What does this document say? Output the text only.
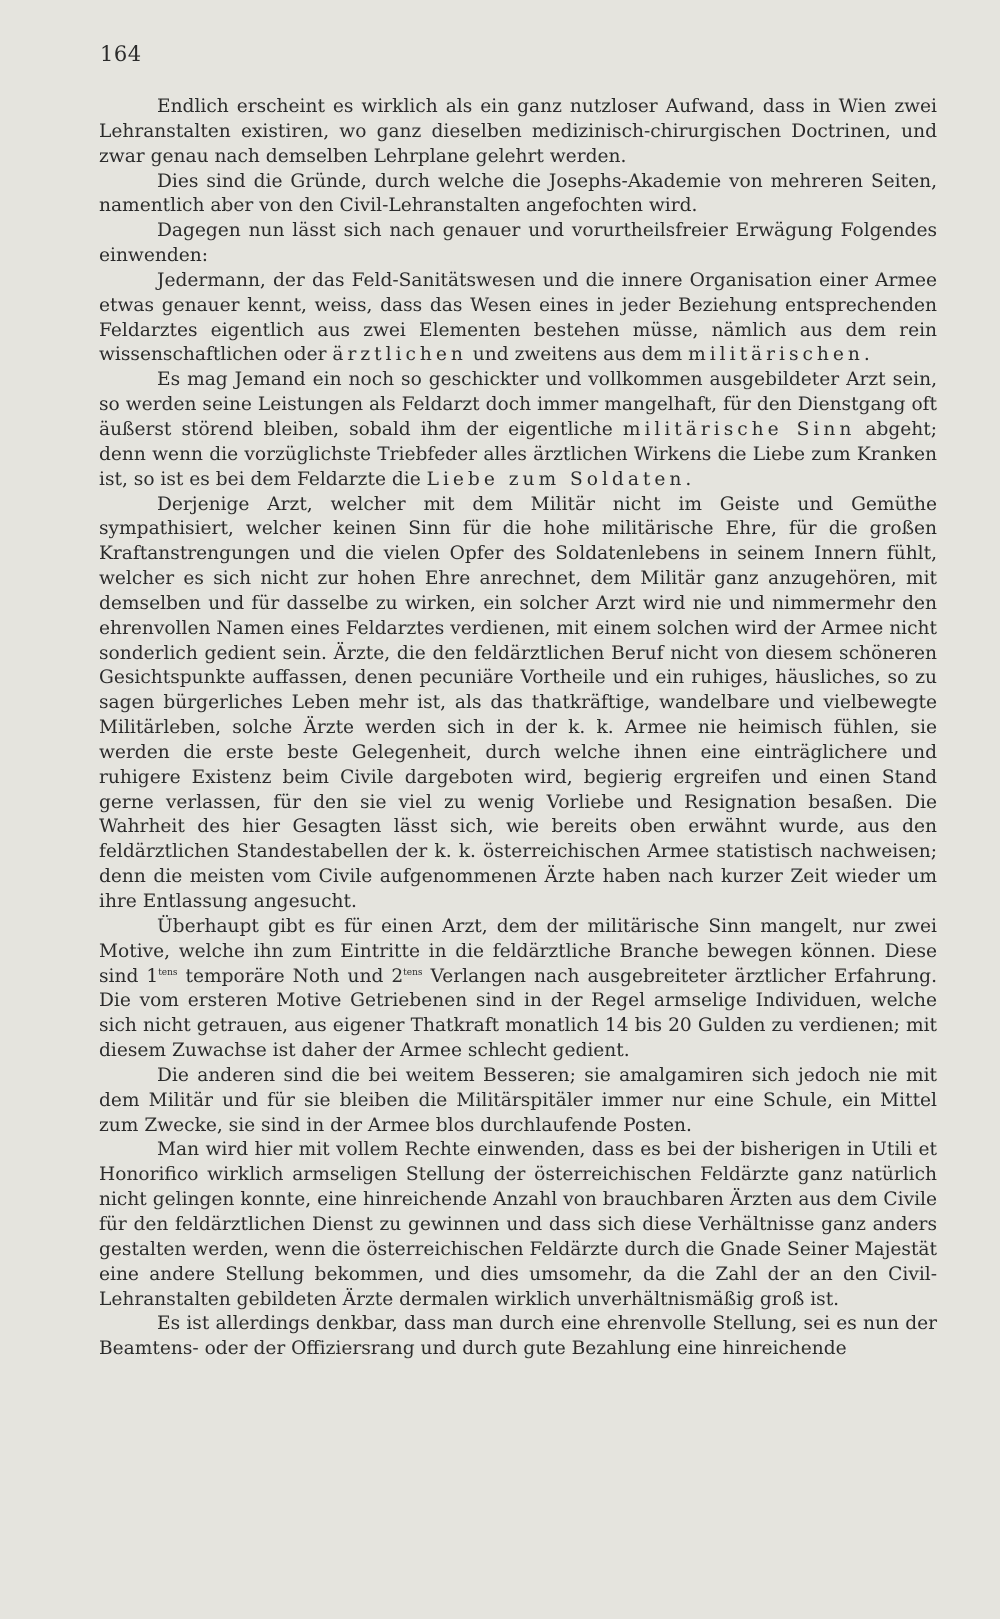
164

Endlich erscheint es wirklich als ein ganz nutzloser Aufwand, dass in Wien zwei Lehranstalten existiren, wo ganz dieselben medizinisch-chirurgischen Doctrinen, und zwar genau nach demselben Lehrplane gelehrt werden.

Dies sind die Gründe, durch welche die Josephs-Akademie von mehreren Seiten, namentlich aber von den Civil-Lehranstalten angefochten wird.

Dagegen nun lässt sich nach genauer und vorurtheilsfreier Erwägung Folgendes einwenden:

Jedermann, der das Feld-Sanitätswesen und die innere Organisation einer Armee etwas genauer kennt, weiss, dass das Wesen eines in jeder Beziehung entsprechenden Feldarztes eigentlich aus zwei Elementen bestehen müsse, nämlich aus dem rein wissenschaftlichen oder ärztlichen und zweitens aus dem militärischen.

Es mag Jemand ein noch so geschickter und vollkommen ausgebildeter Arzt sein, so werden seine Leistungen als Feldarzt doch immer mangelhaft, für den Dienstgang oft äußerst störend bleiben, sobald ihm der eigentliche militärische Sinn abgeht; denn wenn die vorzüglichste Triebfeder alles ärztlichen Wirkens die Liebe zum Kranken ist, so ist es bei dem Feldarzte die Liebe zum Soldaten.

Derjenige Arzt, welcher mit dem Militär nicht im Geiste und Gemüthe sympathisiert, welcher keinen Sinn für die hohe militärische Ehre, für die großen Kraftanstrengungen und die vielen Opfer des Soldatenlebens in seinem Innern fühlt, welcher es sich nicht zur hohen Ehre anrechnet, dem Militär ganz anzugehören, mit demselben und für dasselbe zu wirken, ein solcher Arzt wird nie und nimmermehr den ehrenvollen Namen eines Feldarztes verdienen, mit einem solchen wird der Armee nicht sonderlich gedient sein. Ärzte, die den feldärztlichen Beruf nicht von diesem schöneren Gesichtspunkte auffassen, denen pecuniäre Vortheile und ein ruhiges, häusliches, so zu sagen bürgerliches Leben mehr ist, als das thatkräftige, wandelbare und vielbewegte Militärleben, solche Ärzte werden sich in der k. k. Armee nie heimisch fühlen, sie werden die erste beste Gelegenheit, durch welche ihnen eine einträglichere und ruhigere Existenz beim Civile dargeboten wird, begierig ergreifen und einen Stand gerne verlassen, für den sie viel zu wenig Vorliebe und Resignation besaßen. Die Wahrheit des hier Gesagten lässt sich, wie bereits oben erwähnt wurde, aus den feldärztlichen Standestabellen der k. k. österreichischen Armee statistisch nachweisen; denn die meisten vom Civile aufgenommenen Ärzte haben nach kurzer Zeit wieder um ihre Entlassung angesucht.

Überhaupt gibt es für einen Arzt, dem der militärische Sinn mangelt, nur zwei Motive, welche ihn zum Eintritte in die feldärztliche Branche bewegen können. Diese sind $1^{tens}$ temporäre Noth und $2^{tens}$ Verlangen nach ausgebreiteter ärztlicher Erfahrung. Die vom ersteren Motive Getriebenen sind in der Regel armselige Individuen, welche sich nicht getrauen, aus eigener Thatkraft monatlich 14 bis 20 Gulden zu verdienen; mit diesem Zuwachse ist daher der Armee schlecht gedient.

Die anderen sind die bei weitem Besseren; sie amalgamiren sich jedoch nie mit dem Militär und für sie bleiben die Militärspitäler immer nur eine Schule, ein Mittel zum Zwecke, sie sind in der Armee blos durchlaufende Posten.

Man wird hier mit vollem Rechte einwenden, dass es bei der bisherigen in Utili et Honorifico wirklich armseligen Stellung der österreichischen Feldärzte ganz natürlich nicht gelingen konnte, eine hinreichende Anzahl von brauchbaren Ärzten aus dem Civile für den feldärztlichen Dienst zu gewinnen und dass sich diese Verhältnisse ganz anders gestalten werden, wenn die österreichischen Feldärzte durch die Gnade Seiner Majestät eine andere Stellung bekommen, und dies umsomehr, da die Zahl der an den Civil-Lehranstalten gebildeten Ärzte dermalen wirklich unverhältnismäßig groß ist.

Es ist allerdings denkbar, dass man durch eine ehrenvolle Stellung, sei es nun der Beamtens- oder der Offiziersrang und durch gute Bezahlung eine hinreichende
